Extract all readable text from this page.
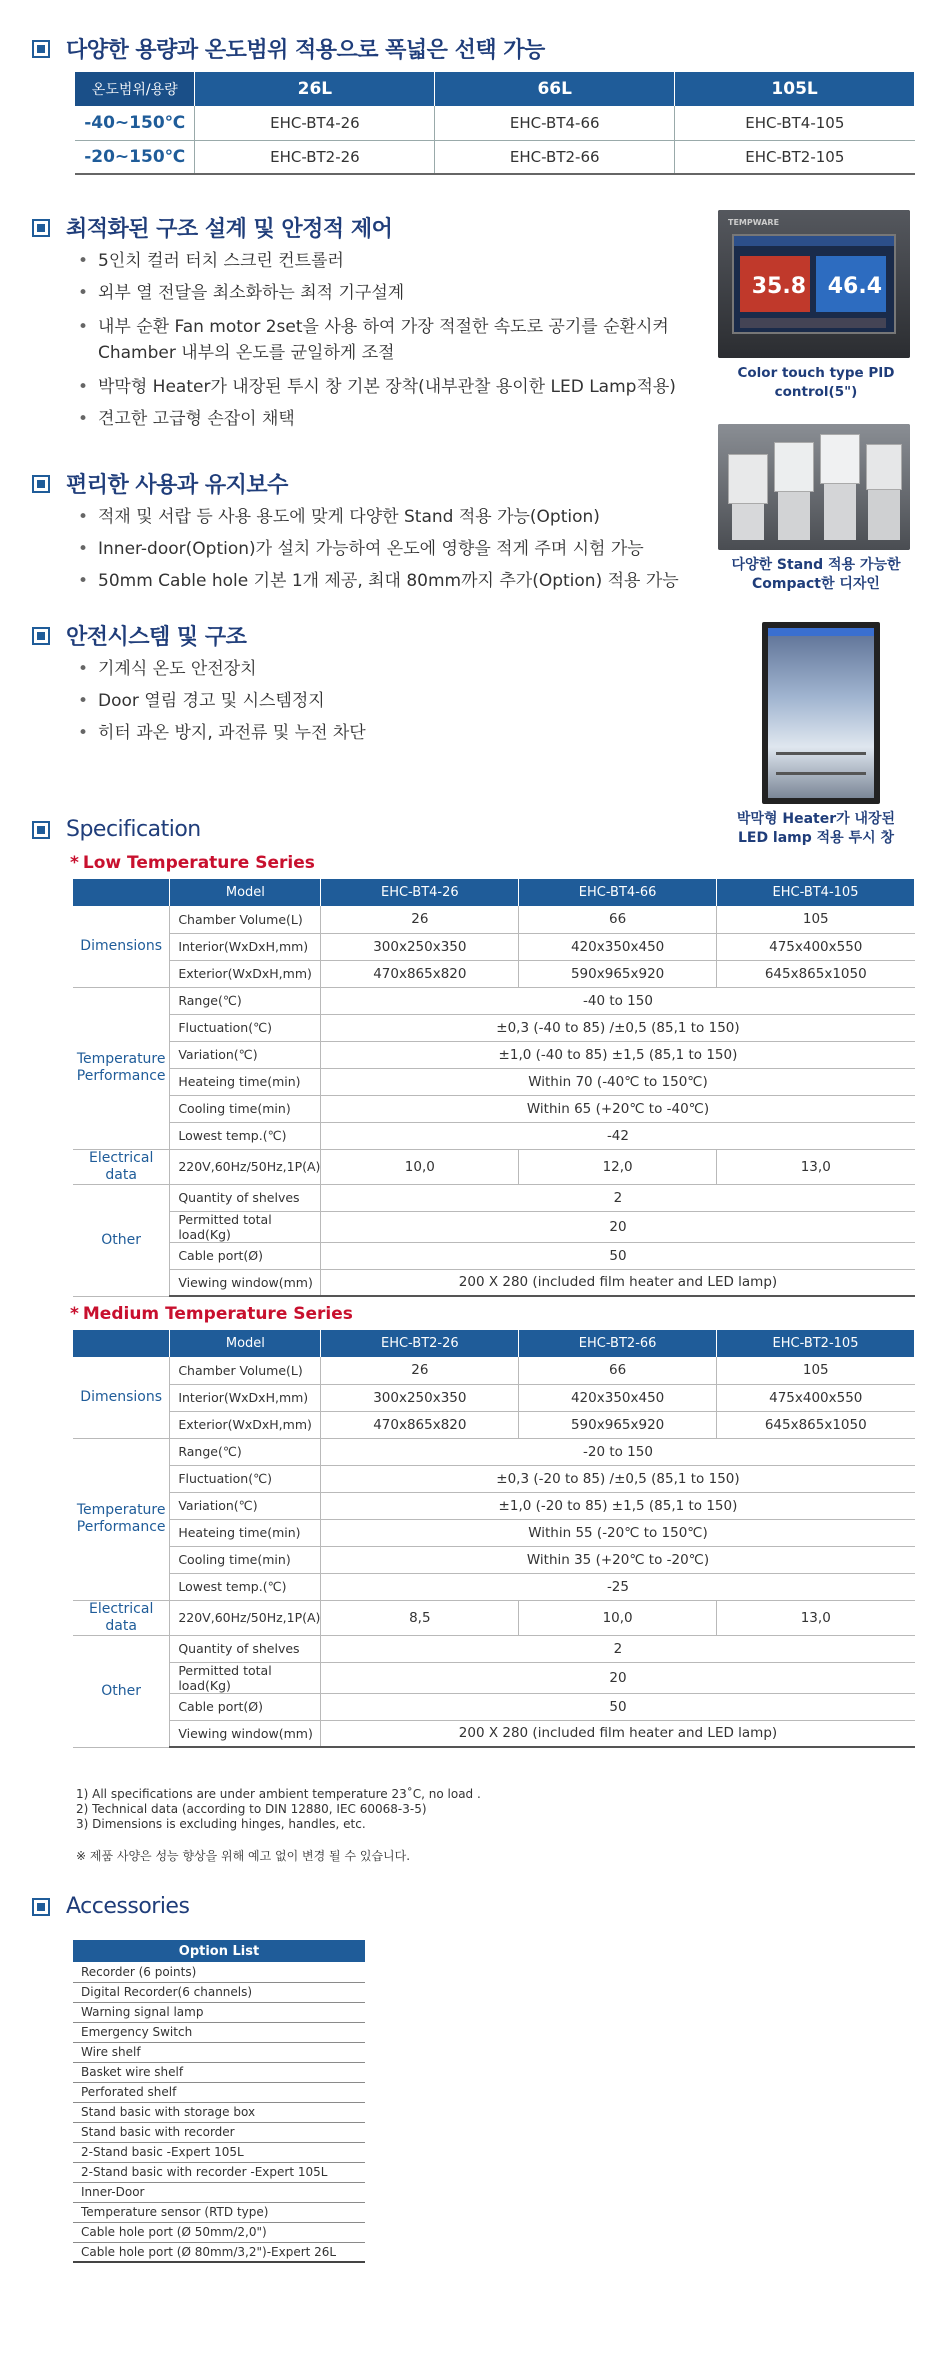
다양한 용량과 온도범위 적용으로 폭넓은 선택 가능
온도범위/용량	26L	66L	105L
-40~150℃	EHC-BT4-26	EHC-BT4-66	EHC-BT4-105
-20~150℃	EHC-BT2-26	EHC-BT2-66	EHC-BT2-105
최적화된 구조 설계 및 안정적 제어
• 5인치 컬러 터치 스크린 컨트롤러
• 외부 열 전달을 최소화하는 최적 기구설계
• 내부 순환 Fan motor 2set을 사용 하여 가장 적절한 속도로 공기를 순환시켜 Chamber 내부의 온도를 균일하게 조절
• 박막형 Heater가 내장된 투시 창 기본 장착(내부관찰 용이한 LED Lamp적용)
• 견고한 고급형 손잡이 채택
TEMPWARE
35.8 46.4
Color touch type PID control(5")
편리한 사용과 유지보수
• 적재 및 서랍 등 사용 용도에 맞게 다양한 Stand 적용 가능(Option)
• Inner-door(Option)가 설치 가능하여 온도에 영향을 적게 주며 시험 가능
• 50mm Cable hole 기본 1개 제공, 최대 80mm까지 추가(Option) 적용 가능
다양한 Stand 적용 가능한
Compact한 디자인
안전시스템 및 구조
• 기계식 온도 안전장치
• Door 열림 경고 및 시스템정지
• 히터 과온 방지, 과전류 및 누전 차단
박막형 Heater가 내장된
LED lamp 적용 투시 창
Specification
* Low Temperature Series
	Model	EHC-BT4-26	EHC-BT4-66	EHC-BT4-105
Dimensions	Chamber Volume(L)	26	66	105
	Interior(WxDxH,mm)	300x250x350	420x350x450	475x400x550
	Exterior(WxDxH,mm)	470x865x820	590x965x920	645x865x1050

Temperature
Performance	Range(℃)	-40 to 150		
	Fluctuation(℃)	±0,3 (-40 to 85) /±0,5 (85,1 to 150)		
	Variation(℃)	±1,0 (-40 to 85) ±1,5 (85,1 to 150)		
	Heateing time(min)	Within 70 (-40℃ to 150℃)		
	Cooling time(min)	Within 65 (+20℃ to -40℃)		
	Lowest temp.(℃)	-42		
Electrical data	220V,60Hz/50Hz,1P(A)	10,0	12,0	13,0
Other	Quantity of shelves	2		
	Permitted total load(Kg)	20		
	Cable port(Ø)	50		
	Viewing window(mm)	200 X 280 (included film heater and LED lamp)		
* Medium Temperature Series
	Model	EHC-BT2-26	EHC-BT2-66	EHC-BT2-105
Dimensions	Chamber Volume(L)	26	66	105
	Interior(WxDxH,mm)	300x250x350	420x350x450	475x400x550
	Exterior(WxDxH,mm)	470x865x820	590x965x920	645x865x1050

Temperature
Performance	Range(℃)	-20 to 150		
	Fluctuation(℃)	±0,3 (-20 to 85) /±0,5 (85,1 to 150)		
	Variation(℃)	±1,0 (-20 to 85) ±1,5 (85,1 to 150)		
	Heateing time(min)	Within 55 (-20℃ to 150℃)		
	Cooling time(min)	Within 35 (+20℃ to -20℃)		
	Lowest temp.(℃)	-25		
Electrical data	220V,60Hz/50Hz,1P(A)	8,5	10,0	13,0
Other	Quantity of shelves	2		
	Permitted total load(Kg)	20		
	Cable port(Ø)	50		
	Viewing window(mm)	200 X 280 (included film heater and LED lamp)		
1) All specifications are under ambient temperature 23˚C, no load .
2) Technical data (according to DIN 12880, IEC 60068-3-5)
3) Dimensions is excluding hinges, handles, etc.
※ 제품 사양은 성능 향상을 위해 예고 없이 변경 될 수 있습니다.
Accessories
Option List
Recorder (6 points)
Digital Recorder(6 channels)
Warning signal lamp
Emergency Switch
Wire shelf
Basket wire shelf
Perforated shelf
Stand basic with storage box
Stand basic with recorder
2-Stand basic -Expert 105L
2-Stand basic with recorder -Expert 105L
Inner-Door
Temperature sensor (RTD type)
Cable hole port (Ø 50mm/2,0")
Cable hole port (Ø 80mm/3,2")-Expert 26L
